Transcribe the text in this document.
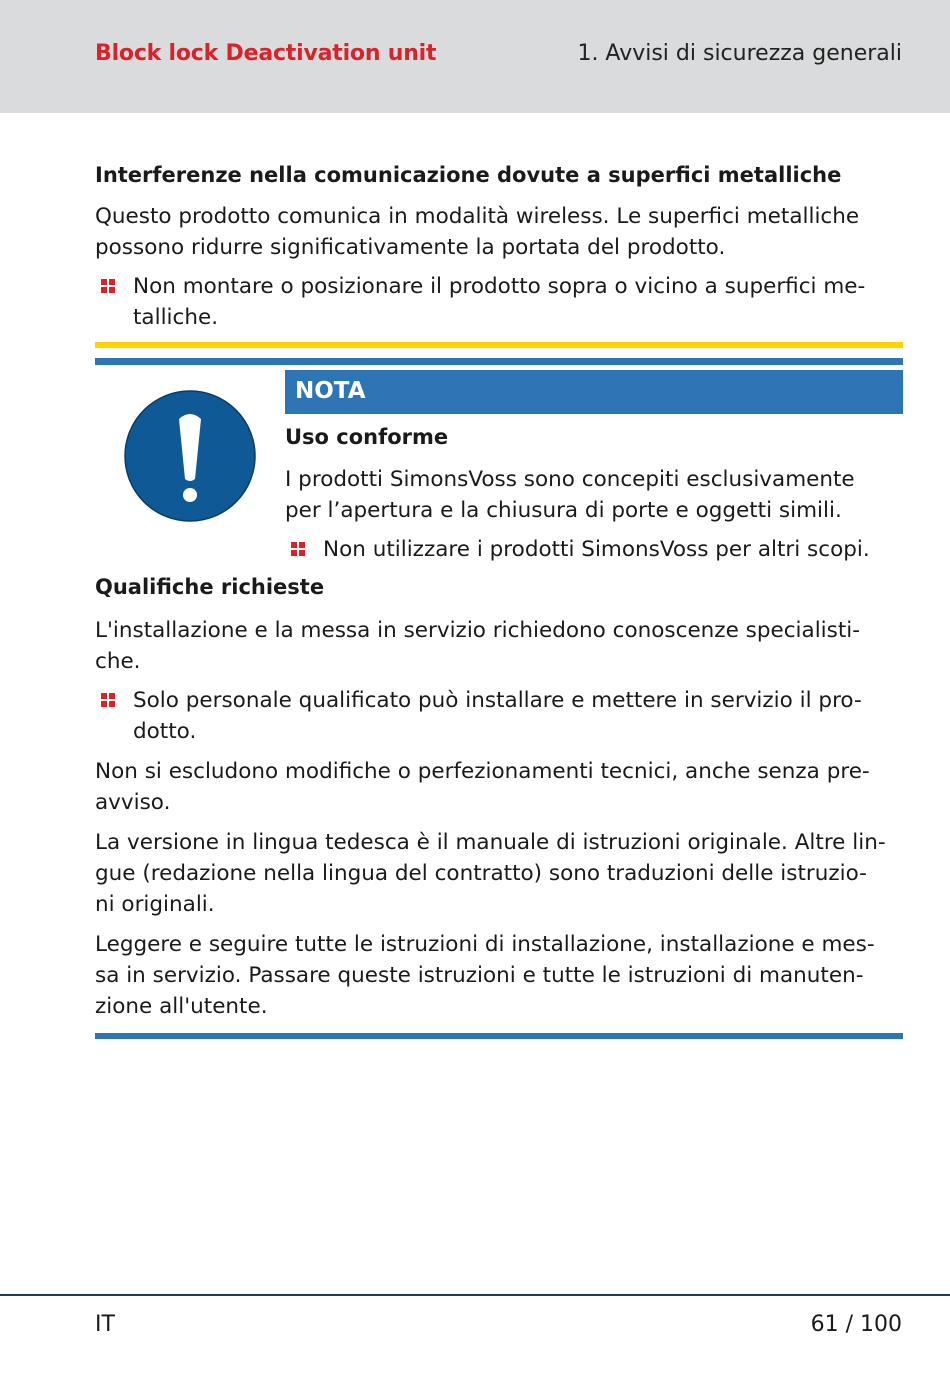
Block lock Deactivation unit	1. Avvisi di sicurezza generali
Interferenze nella comunicazione dovute a superfici metalliche
Questo prodotto comunica in modalità wireless. Le superfici metalliche
possono ridurre significativamente la portata del prodotto.
Non montare o posizionare il prodotto sopra o vicino a superfici me-
talliche.
NOTA
Uso conforme
I prodotti SimonsVoss sono concepiti esclusivamente
per l’apertura e la chiusura di porte e oggetti simili.
Non utilizzare i prodotti SimonsVoss per altri scopi.
Qualifiche richieste
L'installazione e la messa in servizio richiedono conoscenze specialisti-
che.
Solo personale qualificato può installare e mettere in servizio il pro-
dotto.
Non si escludono modifiche o perfezionamenti tecnici, anche senza pre-
avviso.
La versione in lingua tedesca è il manuale di istruzioni originale. Altre lin-
gue (redazione nella lingua del contratto) sono traduzioni delle istruzio-
ni originali.
Leggere e seguire tutte le istruzioni di installazione, installazione e mes-
sa in servizio. Passare queste istruzioni e tutte le istruzioni di manuten-
zione all'utente.
IT	61 / 100
